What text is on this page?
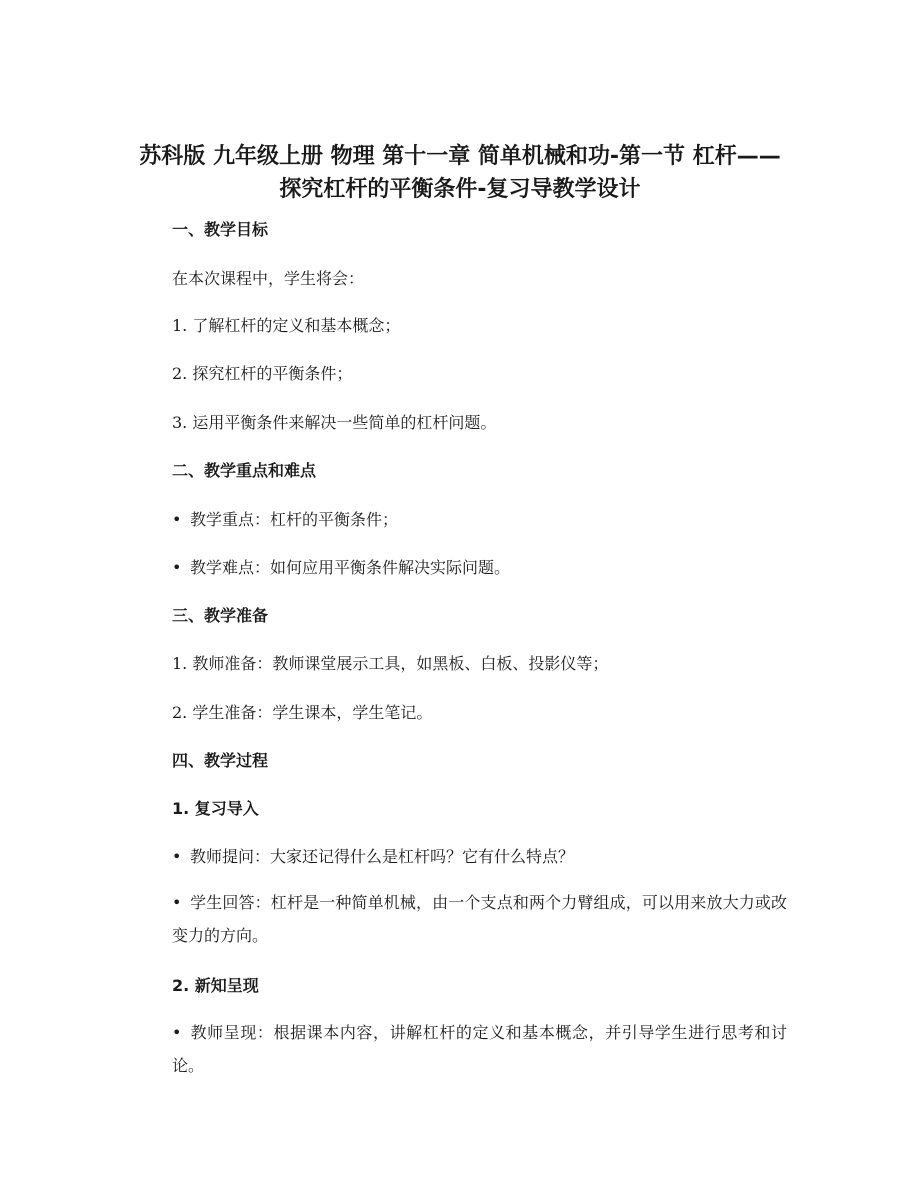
苏科版 九年级上册 物理 第十一章 简单机械和功-第一节 杠杆——
探究杠杆的平衡条件-复习导教学设计
一、教学目标
在本次课程中，学生将会：
1. 了解杠杆的定义和基本概念；
2. 探究杠杆的平衡条件；
3. 运用平衡条件来解决一些简单的杠杆问题。
二、教学重点和难点
• 教学重点：杠杆的平衡条件；
• 教学难点：如何应用平衡条件解决实际问题。
三、教学准备
1. 教师准备：教师课堂展示工具，如黑板、白板、投影仪等；
2. 学生准备：学生课本，学生笔记。
四、教学过程
1. 复习导入
• 教师提问：大家还记得什么是杠杆吗？它有什么特点？
• 学生回答：杠杆是一种简单机械，由一个支点和两个力臂组成，可以用来放大力或改变力的方向。
2. 新知呈现
• 教师呈现：根据课本内容，讲解杠杆的定义和基本概念，并引导学生进行思考和讨论。
